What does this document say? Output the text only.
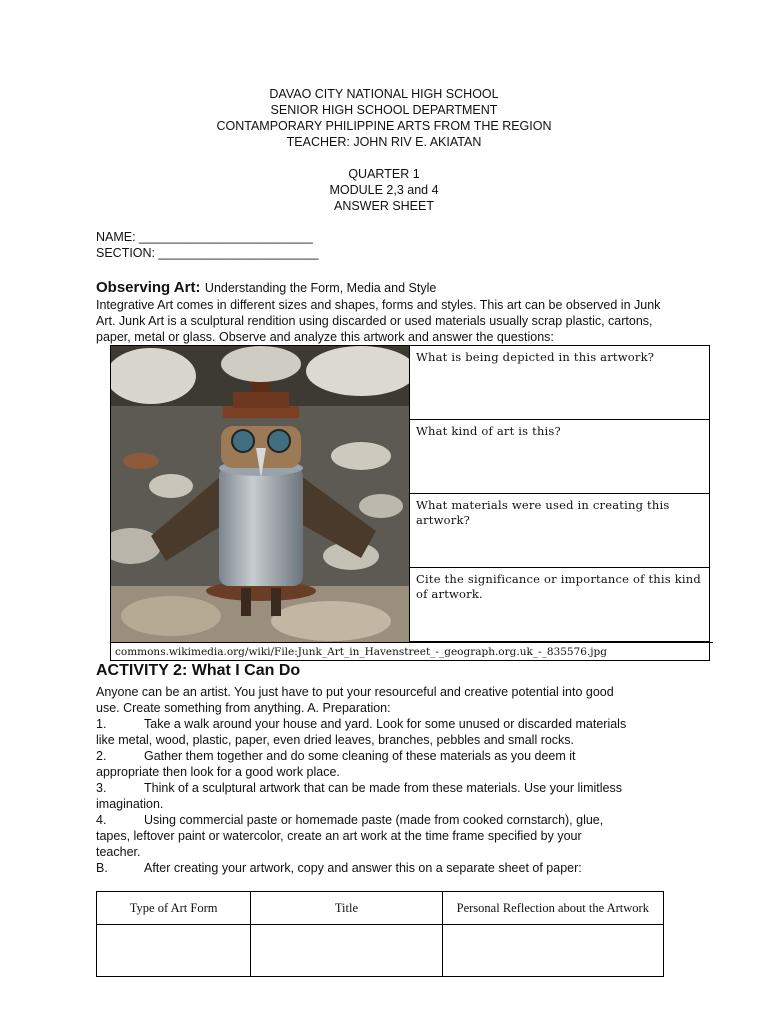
DAVAO CITY NATIONAL HIGH SCHOOL
SENIOR HIGH SCHOOL DEPARTMENT
CONTAMPORARY PHILIPPINE ARTS FROM THE REGION
TEACHER: JOHN RIV E. AKIATAN
QUARTER 1
MODULE 2,3 and 4
ANSWER SHEET
NAME: _________________________
SECTION: _______________________
Observing Art: Understanding the Form, Media and Style
Integrative Art comes in different sizes and shapes, forms and styles. This art can be observed in Junk Art. Junk Art is a sculptural rendition using discarded or used materials usually scrap plastic, cartons, paper, metal or glass. Observe and analyze this artwork and answer the questions:
What is being depicted in this artwork?
What kind of art is this?
What materials were used in creating this artwork?
Cite the significance or importance of this kind of artwork.
commons.wikimedia.org/wiki/File:Junk_Art_in_Havenstreet_-_geograph.org.uk_-_835576.jpg
ACTIVITY 2: What I Can Do
Anyone can be an artist. You just have to put your resourceful and creative potential into good
use. Create something from anything. A. Preparation:
1.	Take a walk around your house and yard. Look for some unused or discarded materials
like metal, wood, plastic, paper, even dried leaves, branches, pebbles and small rocks.
2.	Gather them together and do some cleaning of these materials as you deem it
appropriate then look for a good work place.
3.	Think of a sculptural artwork that can be made from these materials. Use your limitless
imagination.
4.	Using commercial paste or homemade paste (made from cooked cornstarch), glue,
tapes, leftover paint or watercolor, create an art work at the time frame specified by your
teacher.
B.	After creating your artwork, copy and answer this on a separate sheet of paper:
Type of Art Form	Title	Personal Reflection about the Artwork
